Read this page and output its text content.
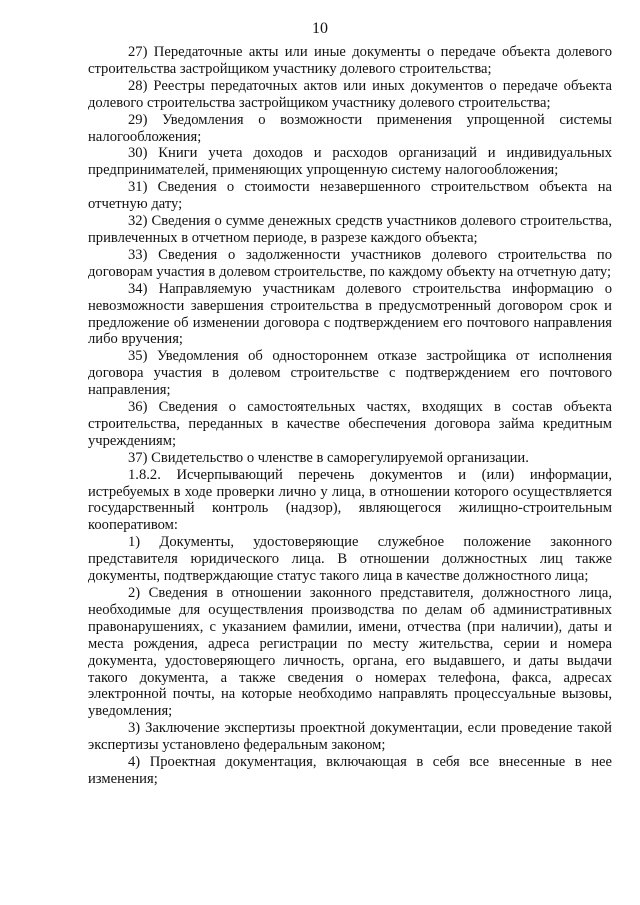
10

27) Передаточные акты или иные документы о передаче объекта долевого строительства застройщиком участнику долевого строительства;

28) Реестры передаточных актов или иных документов о передаче объекта долевого строительства застройщиком участнику долевого строительства;

29) Уведомления о возможности применения упрощенной системы налогообложения;

30) Книги учета доходов и расходов организаций и индивидуальных предпринимателей, применяющих упрощенную систему налогообложения;

31) Сведения о стоимости незавершенного строительством объекта на отчетную дату;

32) Сведения о сумме денежных средств участников долевого строительства, привлеченных в отчетном периоде, в разрезе каждого объекта;

33) Сведения о задолженности участников долевого строительства по договорам участия в долевом строительстве, по каждому объекту на отчетную дату;

34) Направляемую участникам долевого строительства информацию о невозможности завершения строительства в предусмотренный договором срок и предложение об изменении договора с подтверждением его почтового направления либо вручения;

35) Уведомления об одностороннем отказе застройщика от исполнения договора участия в долевом строительстве с подтверждением его почтового направления;

36) Сведения о самостоятельных частях, входящих в состав объекта строительства, переданных в качестве обеспечения договора займа кредитным учреждениям;

37) Свидетельство о членстве в саморегулируемой организации.

1.8.2. Исчерпывающий перечень документов и (или) информации, истребуемых в ходе проверки лично у лица, в отношении которого осуществляется государственный контроль (надзор), являющегося жилищно-строительным кооперативом:

1) Документы, удостоверяющие служебное положение законного представителя юридического лица. В отношении должностных лиц также документы, подтверждающие статус такого лица в качестве должностного лица;

2) Сведения в отношении законного представителя, должностного лица, необходимые для осуществления производства по делам об административных правонарушениях, с указанием фамилии, имени, отчества (при наличии), даты и места рождения, адреса регистрации по месту жительства, серии и номера документа, удостоверяющего личность, органа, его выдавшего, и даты выдачи такого документа, а также сведения о номерах телефона, факса, адресах электронной почты, на которые необходимо направлять процессуальные вызовы, уведомления;

3) Заключение экспертизы проектной документации, если проведение такой экспертизы установлено федеральным законом;

4) Проектная документация, включающая в себя все внесенные в нее изменения;
